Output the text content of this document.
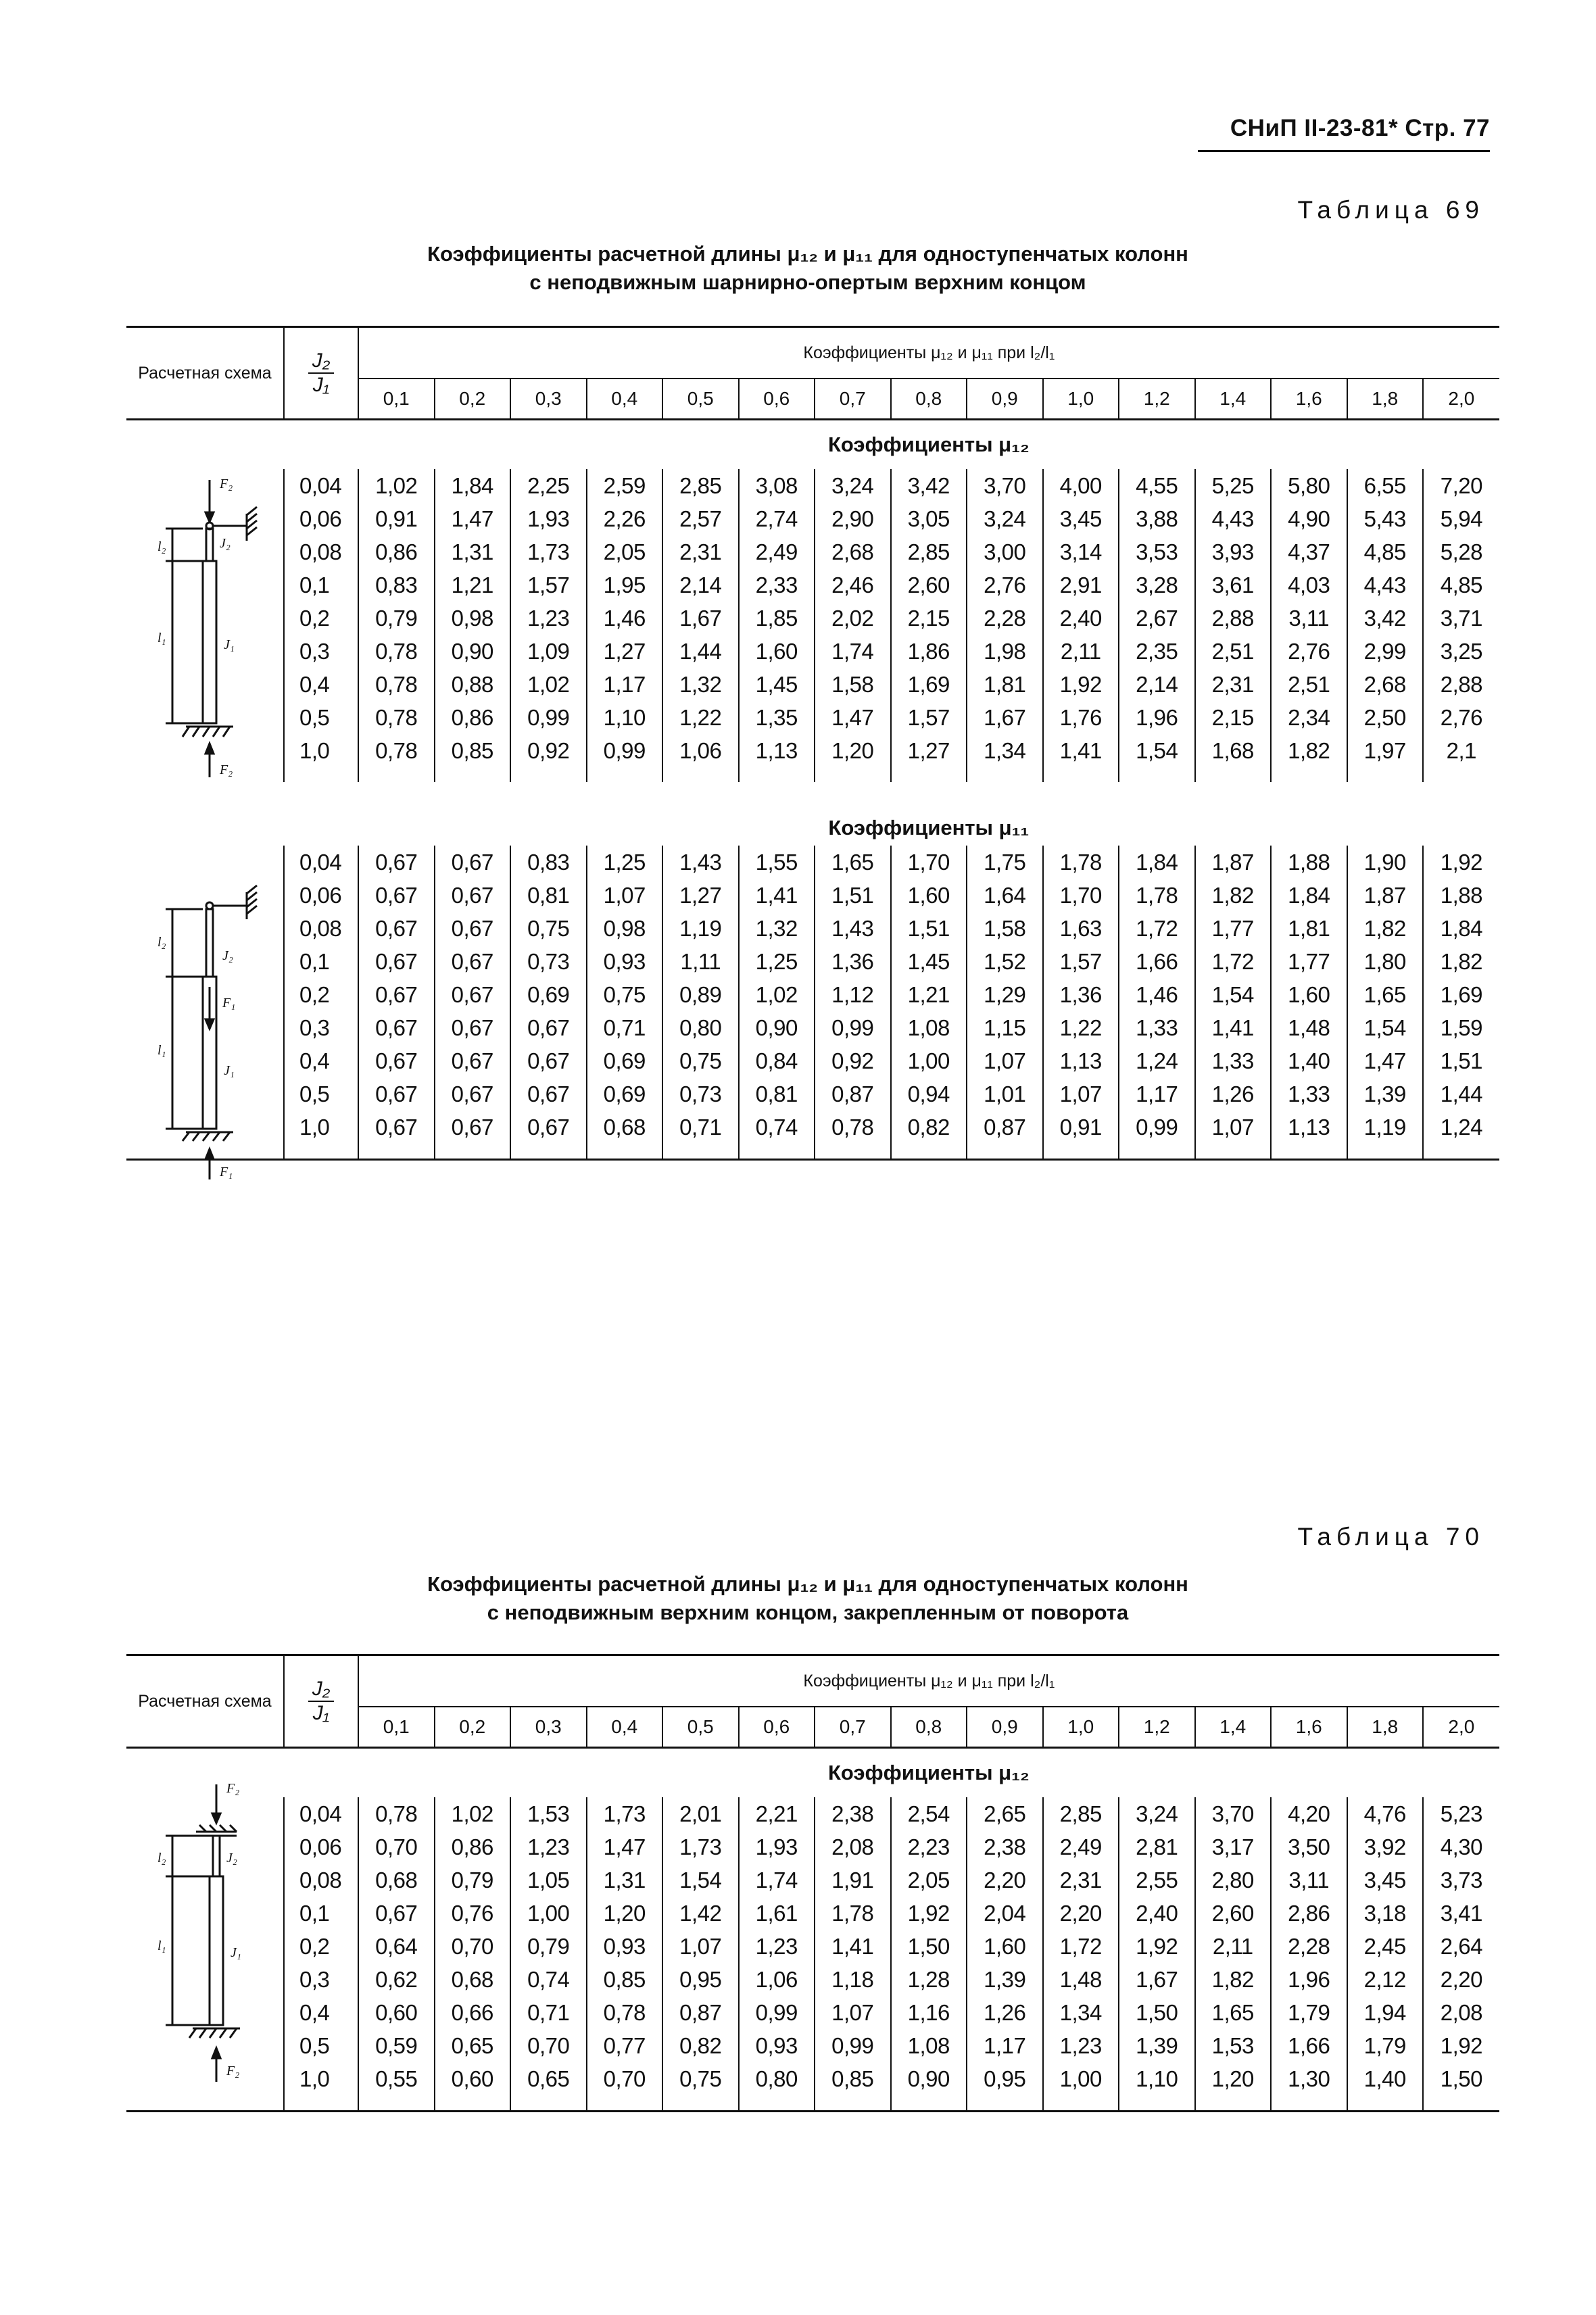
СНиП II-23-81* Стр. 77
Таблица 69
Коэффициенты расчетной длины μ₁₂ и μ₁₁ для одноступенчатых колонн
с неподвижным шарнирно-опертым верхним концом
Расчетная схема	$\frac{\text{J₂}}{\text{J₁}}$	Коэффициенты μ₁₂ и μ₁₁ при l₂/l₁														
		0,1	0,2	0,3	0,4	0,5	0,6	0,7	0,8	0,9	1,0	1,2	1,4	1,6	1,8	2,0
		Коэффициенты μ₁₂														
	0,04	1,02	1,84	2,25	2,59	2,85	3,08	3,24	3,42	3,70	4,00	4,55	5,25	5,80	6,55	7,20
	0,06	0,91	1,47	1,93	2,26	2,57	2,74	2,90	3,05	3,24	3,45	3,88	4,43	4,90	5,43	5,94
	0,08	0,86	1,31	1,73	2,05	2,31	2,49	2,68	2,85	3,00	3,14	3,53	3,93	4,37	4,85	5,28
	0,1	0,83	1,21	1,57	1,95	2,14	2,33	2,46	2,60	2,76	2,91	3,28	3,61	4,03	4,43	4,85
	0,2	0,79	0,98	1,23	1,46	1,67	1,85	2,02	2,15	2,28	2,40	2,67	2,88	3,11	3,42	3,71
	0,3	0,78	0,90	1,09	1,27	1,44	1,60	1,74	1,86	1,98	2,11	2,35	2,51	2,76	2,99	3,25
	0,4	0,78	0,88	1,02	1,17	1,32	1,45	1,58	1,69	1,81	1,92	2,14	2,31	2,51	2,68	2,88
	0,5	0,78	0,86	0,99	1,10	1,22	1,35	1,47	1,57	1,67	1,76	1,96	2,15	2,34	2,50	2,76
	1,0	0,78	0,85	0,92	0,99	1,06	1,13	1,20	1,27	1,34	1,41	1,54	1,68	1,82	1,97	2,1

		Коэффициенты μ₁₁														
	0,04	0,67	0,67	0,83	1,25	1,43	1,55	1,65	1,70	1,75	1,78	1,84	1,87	1,88	1,90	1,92
	0,06	0,67	0,67	0,81	1,07	1,27	1,41	1,51	1,60	1,64	1,70	1,78	1,82	1,84	1,87	1,88
	0,08	0,67	0,67	0,75	0,98	1,19	1,32	1,43	1,51	1,58	1,63	1,72	1,77	1,81	1,82	1,84
	0,1	0,67	0,67	0,73	0,93	1,11	1,25	1,36	1,45	1,52	1,57	1,66	1,72	1,77	1,80	1,82
	0,2	0,67	0,67	0,69	0,75	0,89	1,02	1,12	1,21	1,29	1,36	1,46	1,54	1,60	1,65	1,69
	0,3	0,67	0,67	0,67	0,71	0,80	0,90	0,99	1,08	1,15	1,22	1,33	1,41	1,48	1,54	1,59
	0,4	0,67	0,67	0,67	0,69	0,75	0,84	0,92	1,00	1,07	1,13	1,24	1,33	1,40	1,47	1,51
	0,5	0,67	0,67	0,67	0,69	0,73	0,81	0,87	0,94	1,01	1,07	1,17	1,26	1,33	1,39	1,44
	1,0	0,67	0,67	0,67	0,68	0,71	0,74	0,78	0,82	0,87	0,91	0,99	1,07	1,13	1,19	1,24

Таблица 70
Коэффициенты расчетной длины μ₁₂ и μ₁₁ для одноступенчатых колонн
с неподвижным верхним концом, закрепленным от поворота
Расчетная схема	$\frac{\text{J₂}}{\text{J₁}}$	Коэффициенты μ₁₂ и μ₁₁ при l₂/l₁														
		0,1	0,2	0,3	0,4	0,5	0,6	0,7	0,8	0,9	1,0	1,2	1,4	1,6	1,8	2,0
		Коэффициенты μ₁₂														
	0,04	0,78	1,02	1,53	1,73	2,01	2,21	2,38	2,54	2,65	2,85	3,24	3,70	4,20	4,76	5,23
	0,06	0,70	0,86	1,23	1,47	1,73	1,93	2,08	2,23	2,38	2,49	2,81	3,17	3,50	3,92	4,30
	0,08	0,68	0,79	1,05	1,31	1,54	1,74	1,91	2,05	2,20	2,31	2,55	2,80	3,11	3,45	3,73
	0,1	0,67	0,76	1,00	1,20	1,42	1,61	1,78	1,92	2,04	2,20	2,40	2,60	2,86	3,18	3,41
	0,2	0,64	0,70	0,79	0,93	1,07	1,23	1,41	1,50	1,60	1,72	1,92	2,11	2,28	2,45	2,64
	0,3	0,62	0,68	0,74	0,85	0,95	1,06	1,18	1,28	1,39	1,48	1,67	1,82	1,96	2,12	2,20
	0,4	0,60	0,66	0,71	0,78	0,87	0,99	1,07	1,16	1,26	1,34	1,50	1,65	1,79	1,94	2,08
	0,5	0,59	0,65	0,70	0,77	0,82	0,93	0,99	1,08	1,17	1,23	1,39	1,53	1,66	1,79	1,92
	1,0	0,55	0,60	0,65	0,70	0,75	0,80	0,85	0,90	0,95	1,00	1,10	1,20	1,30	1,40	1,50

F₂
J₂
J₁
l₂
l₁
F₂
J₂
F₁
J₁
l₂
l₁
F₁
F₂
J₂
J₁
l₂
l₁
F₂
